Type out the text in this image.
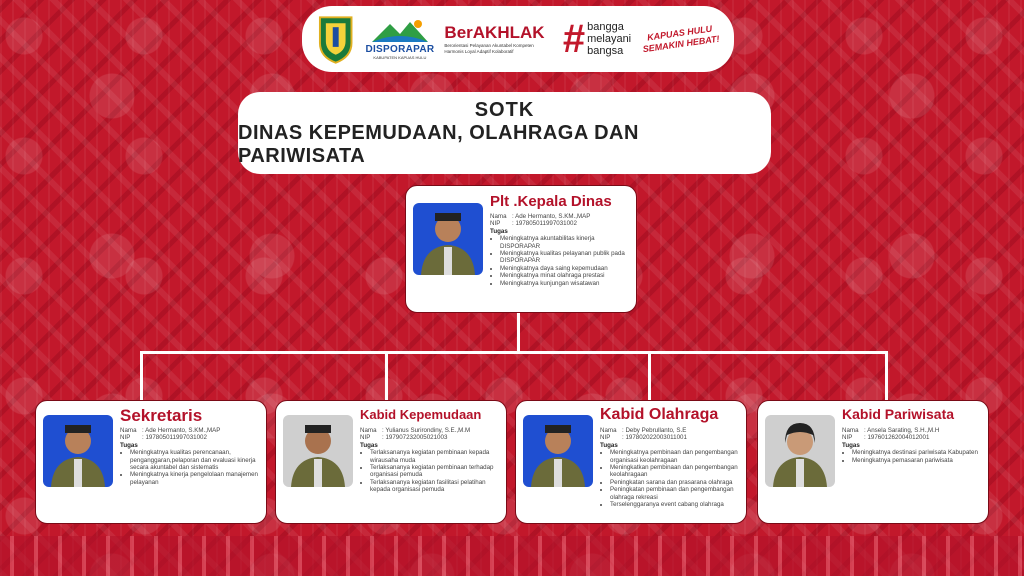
DISPORAPAR
KABUPATEN KAPUAS HULU
BerAKHLAK
Berorientasi Pelayanan Akuntabel Kompeten Harmonis Loyal Adaptif Kolaboratif	# bangga
melayani
bangsa
KAPUAS HULU SEMAKIN HEBAT!
SOTK
DINAS KEPEMUDAAN, OLAHRAGA DAN PARIWISATA
Plt .Kepala Dinas
Nama : Ade Hermanto, S.KM.,MAP
NIP	: 197805011997031002
Tugas
• Meningkatnya akuntabilitas kinerja DISPORAPAR
• Meningkatnya kualitas pelayanan publik pada DISPORAPAR
• Meningkatnya daya saing kepemudaan
• Meningkatnya minat olahraga prestasi
• Meningkatnya kunjungan wisatawan
Sekretaris
Nama : Ade Hermanto, S.KM.,MAP
NIP	: 197805011997031002
Tugas
• Meningkatnya kualitas perencanaan, penganggaran,pelaporan dan evaluasi kinerja secara akuntabel dan sistematis
• Meningkatnya kinerja pengelolaan manajemen pelayanan
Kabid Kepemudaan
Nama : Yulianus Surirondiny, S.E.,M.M
NIP	: 197907232005021003
Tugas
• Terlaksananya kegiatan pembinaan kepada wirausaha muda
• Terlaksananya kegiatan pembinaan terhadap organisasi pemuda
• Terlaksananya kegiatan fasilitasi pelatihan kepada organisasi pemuda
Kabid Olahraga
Nama : Deby Pebrullanto, S.E
NIP	: 197802022003011001
Tugas
• Meningkatnya pembinaan dan pengembangan organisasi keolahragaan
• Meningkatkan pembinaan dan pengembangan keolahragaan
• Peningkatan sarana dan prasarana olahraga
• Peningkatan pembinaan dan pengembangan olahraga rekreasi
• Terselenggaranya event cabang olahraga
Kabid Pariwisata
Nama : Ansela Sarating, S.H.,M.H
NIP	: 197601262004012001
Tugas
• Meningkatnya destinasi pariwisata Kabupaten
• Meningkatnya pemasaran pariwisata
